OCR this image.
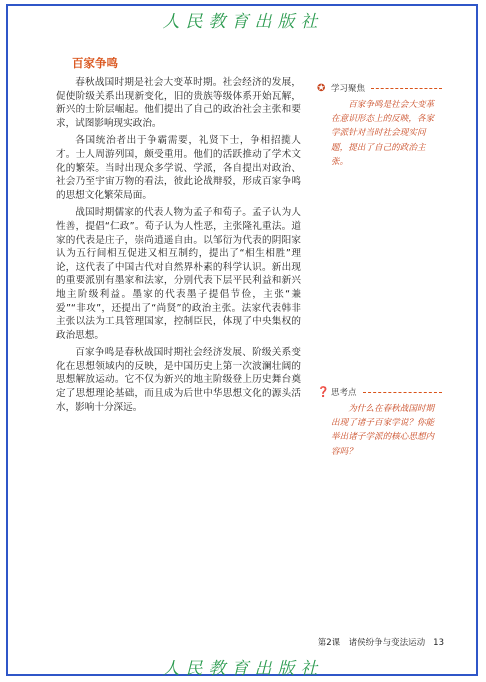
人民教育出版社
百家争鸣

春秋战国时期是社会大变革时期。社会经济的发展，促使阶级关系出现新变化，旧的贵族等级体系开始瓦解，新兴的士阶层崛起。他们提出了自己的政治社会主张和要求，试图影响现实政治。

各国统治者出于争霸需要，礼贤下士，争相招揽人才。士人周游列国，颇受重用。他们的活跃推动了学术文化的繁荣。当时出现众多学说、学派，各自提出对政治、社会乃至宇宙万物的看法，彼此论战辩驳，形成百家争鸣的思想文化繁荣局面。

战国时期儒家的代表人物为孟子和荀子。孟子认为人性善，提倡“仁政”。荀子认为人性恶，主张隆礼重法。道家的代表是庄子，崇尚逍遥自由。以邹衍为代表的阴阳家认为五行间相互促进又相互制约，提出了“相生相胜”理论，这代表了中国古代对自然界朴素的科学认识。新出现的重要派别有墨家和法家，分别代表下层平民利益和新兴地主阶级利益。墨家的代表墨子提倡节俭，主张“兼爱”“非攻”，还提出了“尚贤”的政治主张。法家代表韩非主张以法为工具管理国家，控制臣民，体现了中央集权的政治思想。

百家争鸣是春秋战国时期社会经济发展、阶级关系变化在思想领域内的反映，是中国历史上第一次波澜壮阔的思想解放运动。它不仅为新兴的地主阶级登上历史舞台奠定了思想理论基础，而且成为后世中华思想文化的源头活水，影响十分深远。

✪ 学习聚焦
百家争鸣是社会大变革在意识形态上的反映，各家学派针对当时社会现实问题，提出了自己的政治主张。
❓ 思考点
为什么在春秋战国时期出现了诸子百家学说？你能举出诸子学派的核心思想内容吗？
第2课　诸侯纷争与变法运动 13
人民教育出版社
